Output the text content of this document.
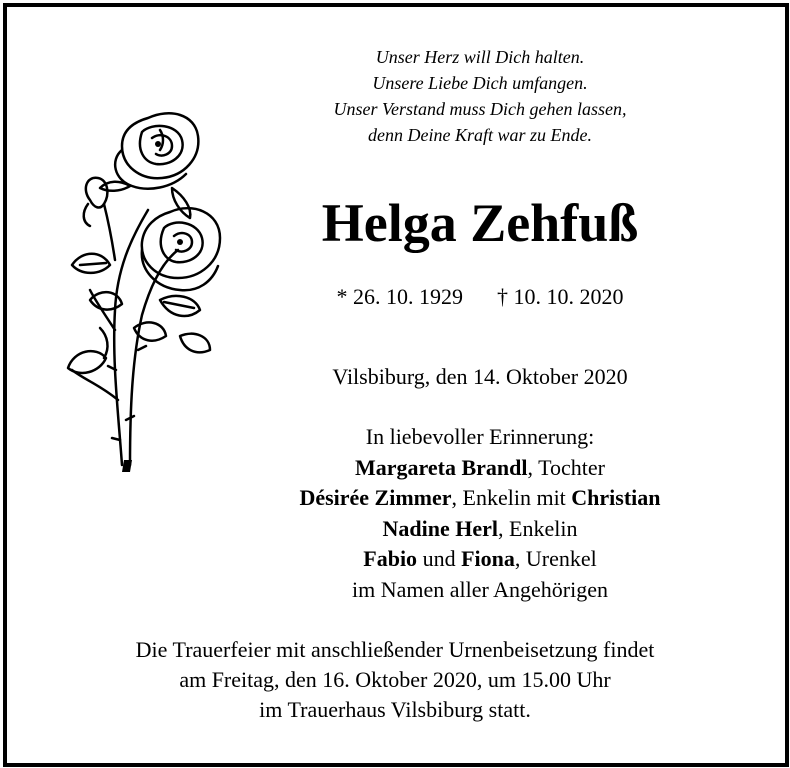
Unser Herz will Dich halten.
Unsere Liebe Dich umfangen.
Unser Verstand muss Dich gehen lassen,
denn Deine Kraft war zu Ende.
Helga Zehfuß
* 26. 10. 1929 † 10. 10. 2020
Vilsbiburg, den 14. Oktober 2020
In liebevoller Erinnerung:
Margareta Brandl, Tochter
Désirée Zimmer, Enkelin mit Christian
Nadine Herl, Enkelin
Fabio und Fiona, Urenkel
im Namen aller Angehörigen
Die Trauerfeier mit anschließender Urnenbeisetzung findet
am Freitag, den 16. Oktober 2020, um 15.00 Uhr
im Trauerhaus Vilsbiburg statt.
